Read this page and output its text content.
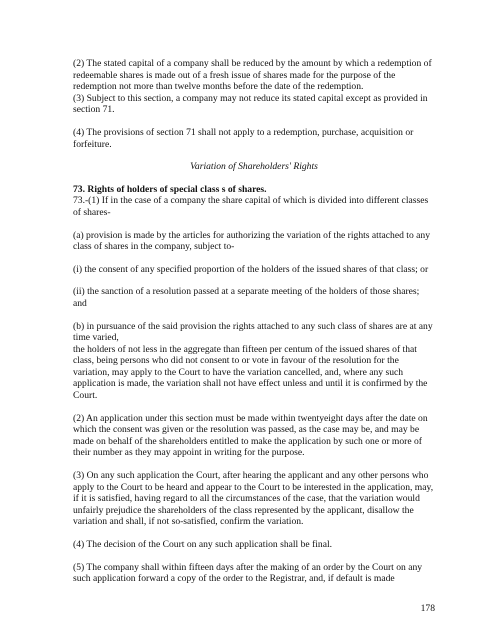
(2) The stated capital of a company shall be reduced by the amount by which a redemption of redeemable shares is made out of a fresh issue of shares made for the purpose of the redemption not more than twelve months before the date of the redemption.

(3) Subject to this section, a company may not reduce its stated capital except as provided in section 71.

(4) The provisions of section 71 shall not apply to a redemption, purchase, acquisition or forfeiture.

Variation of Shareholders' Rights

73. Rights of holders of special class s of shares.

73.-(1) If in the case of a company the share capital of which is divided into different classes of shares-

(a) provision is made by the articles for authorizing the variation of the rights attached to any class of shares in the company, subject to-

(i) the consent of any specified proportion of the holders of the issued shares of that class; or

(ii) the sanction of a resolution passed at a separate meeting of the holders of those shares; and

(b) in pursuance of the said provision the rights attached to any such class of shares are at any time varied,

the holders of not less in the aggregate than fifteen per centum of the issued shares of that class, being persons who did not consent to or vote in favour of the resolution for the variation, may apply to the Court to have the variation cancelled, and, where any such application is made, the variation shall not have effect unless and until it is confirmed by the Court.

(2) An application under this section must be made within twentyeight days after the date on which the consent was given or the resolution was passed, as the case may be, and may be made on behalf of the shareholders entitled to make the application by such one or more of their number as they may appoint in writing for the purpose.

(3) On any such application the Court, after hearing the applicant and any other persons who apply to the Court to be heard and appear to the Court to be interested in the application, may, if it is satisfied, having regard to all the circumstances of the case, that the variation would unfairly prejudice the shareholders of the class represented by the applicant, disallow the variation and shall, if not so-satisfied, confirm the variation.

(4) The decision of the Court on any such application shall be final.

(5) The company shall within fifteen days after the making of an order by the Court on any such application forward a copy of the order to the Registrar, and, if default is made

178
